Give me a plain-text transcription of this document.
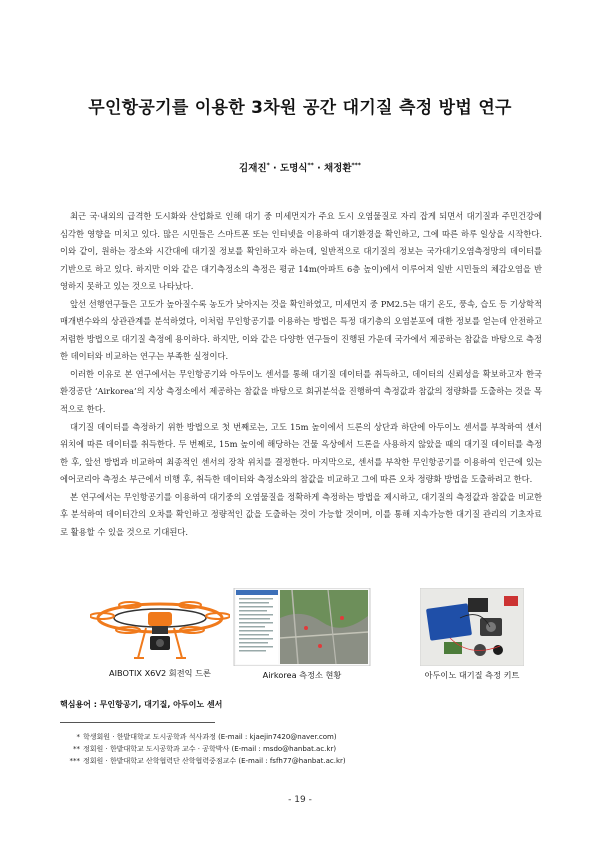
무인항공기를 이용한 3차원 공간 대기질 측정 방법 연구
김재진* · 도명식** · 채정환***

최근 국·내외의 급격한 도시화와 산업화로 인해 대기 중 미세먼지가 주요 도시 오염물질로 자리 잡게 되면서 대기질과 주민건강에 심각한 영향을 미치고 있다. 많은 시민들은 스마트폰 또는 인터넷을 이용하여 대기환경을 확인하고, 그에 따른 하루 일상을 시작한다. 이와 같이, 원하는 장소와 시간대에 대기질 정보를 확인하고자 하는데, 일반적으로 대기질의 정보는 국가대기오염측정망의 데이터를 기반으로 하고 있다. 하지만 이와 같은 대기측정소의 측정은 평균 14m(아파트 6층 높이)에서 이루어져 일반 시민들의 체감오염을 반영하지 못하고 있는 것으로 나타났다.

앞선 선행연구들은 고도가 높아질수록 농도가 낮아지는 것을 확인하였고, 미세먼지 중 PM2.5는 대기 온도, 풍속, 습도 등 기상학적 매개변수와의 상관관계를 분석하였다, 이처럼 무인항공기를 이용하는 방법은 특정 대기층의 오염분포에 대한 정보를 얻는데 안전하고 저렴한 방법으로 대기질 측정에 용이하다. 하지만, 이와 같은 다양한 연구들이 진행된 가운데 국가에서 제공하는 참값을 바탕으로 측정한 데이터와 비교하는 연구는 부족한 실정이다.

이러한 이유로 본 연구에서는 무인항공기와 아두이노 센서를 통해 대기질 데이터를 취득하고, 데이터의 신뢰성을 확보하고자 한국환경공단 ‘Airkorea’의 지상 측정소에서 제공하는 참값을 바탕으로 회귀분석을 진행하여 측정값과 참값의 정량화를 도출하는 것을 목적으로 한다.

대기질 데이터를 측정하기 위한 방법으로 첫 번째로는, 고도 15m 높이에서 드론의 상단과 하단에 아두이노 센서를 부착하여 센서 위치에 따른 데이터를 취득한다. 두 번째로, 15m 높이에 해당하는 건물 옥상에서 드론을 사용하지 않았을 때의 대기질 데이터를 측정한 후, 앞선 방법과 비교하여 최종적인 센서의 장착 위치를 결정한다. 마지막으로, 센서를 부착한 무인항공기를 이용하여 인근에 있는 에어코리아 측정소 부근에서 비행 후, 취득한 데이터와 측정소와의 참값을 비교하고 그에 따른 오차 정량화 방법을 도출하려고 한다.

본 연구에서는 무인항공기를 이용하여 대기중의 오염물질을 정확하게 측정하는 방법을 제시하고, 대기질의 측정값과 참값을 비교한 후 분석하여 데이터간의 오차를 확인하고 정량적인 값을 도출하는 것이 가능할 것이며, 이를 통해 지속가능한 대기질 관리의 기초자료로 활용할 수 있을 것으로 기대된다.

AIBOTIX X6V2 회전익 드론	Airkorea 측정소 현황	아두이노 대기질 측정 키트
핵심용어 : 무인항공기, 대기질, 아두이노 센서
* 학생회원 · 한밭대학교 도시공학과 석사과정 (E-mail : kjaejin7420@naver.com)
** 정회원 · 한밭대학교 도시공학과 교수 · 공학박사 (E-mail : msdo@hanbat.ac.kr)
*** 정회원 · 한밭대학교 산학협력단 산학협력중점교수 (E-mail : fsfh77@hanbat.ac.kr)
- 19 -
